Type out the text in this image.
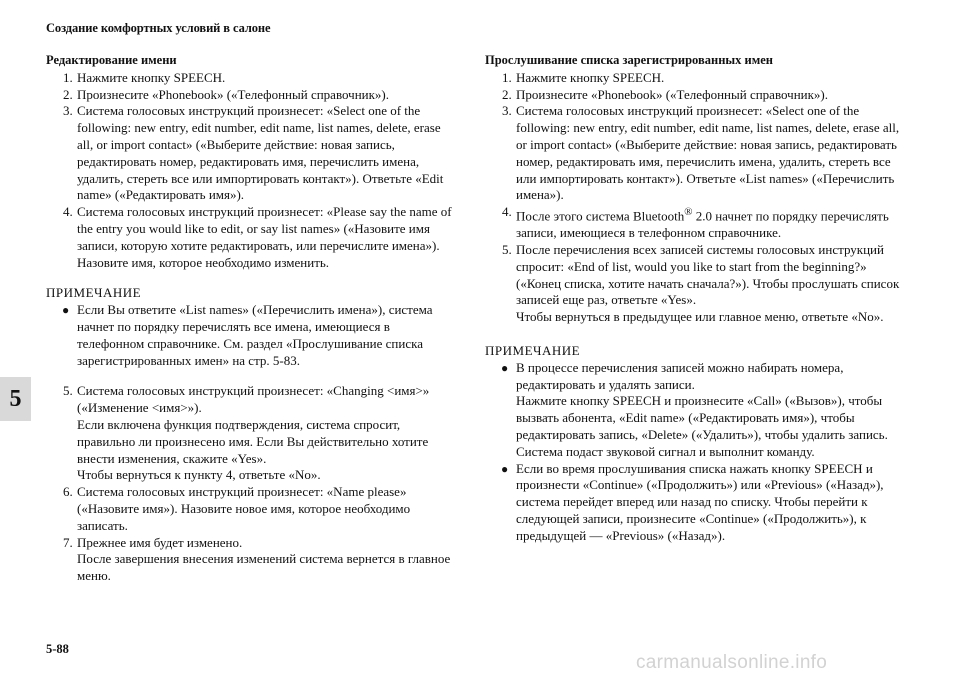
Создание комфортных условий в салоне
5
Редактирование имени
1. Нажмите кнопку SPEECH.
2. Произнесите «Phonebook» («Телефонный справочник»).
3. Система голосовых инструкций произнесет: «Select one of the following: new entry, edit number, edit name, list names, delete, erase all, or import contact» («Выберите действие: новая запись, редактировать номер, редактировать имя, перечислить имена, удалить, стереть все или импортировать контакт»). Ответьте «Edit name» («Редактировать имя»).
4. Система голосовых инструкций произнесет: «Please say the name of the entry you would like to edit, or say list names» («Назовите имя записи, которую хотите редактировать, или перечислите имена»). Назовите имя, которое необходимо изменить.
ПРИМЕЧАНИЕ
● Если Вы ответите «List names» («Перечислить имена»), система начнет по порядку перечислять все имена, имеющиеся в телефонном справочнике. См. раздел «Прослушивание списка зарегистрированных имен» на стр. 5-83.
5. Система голосовых инструкций произнесет: «Changing <имя>» («Изменение <имя>»).
Если включена функция подтверждения, система спросит, правильно ли произнесено имя. Если Вы действительно хотите внести изменения, скажите «Yes».
Чтобы вернуться к пункту 4, ответьте «No».
6. Система голосовых инструкций произнесет: «Name please» («Назовите имя»). Назовите новое имя, которое необходимо записать.
7. Прежнее имя будет изменено.
После завершения внесения изменений система вернется в главное меню.
Прослушивание списка зарегистрированных имен
1. Нажмите кнопку SPEECH.
2. Произнесите «Phonebook» («Телефонный справочник»).
3. Система голосовых инструкций произнесет: «Select one of the following: new entry, edit number, edit name, list names, delete, erase all, or import contact» («Выберите действие: новая запись, редактировать номер, редактировать имя, перечислить имена, удалить, стереть все или импортировать контакт»). Ответьте «List names» («Перечислить имена»).
4. После этого система Bluetooth® 2.0 начнет по порядку перечислять записи, имеющиеся в телефонном справочнике.
5. После перечисления всех записей системы голосовых инструкций спросит: «End of list, would you like to start from the beginning?» («Конец списка, хотите начать сначала?»). Чтобы прослушать список записей еще раз, ответьте «Yes».
Чтобы вернуться в предыдущее или главное меню, ответьте «No».
ПРИМЕЧАНИЕ
● В процессе перечисления записей можно набирать номера, редактировать и удалять записи.
Нажмите кнопку SPEECH и произнесите «Call» («Вызов»), чтобы вызвать абонента, «Edit name» («Редактировать имя»), чтобы редактировать запись, «Delete» («Удалить»), чтобы удалить запись.
Система подаст звуковой сигнал и выполнит команду.
● Если во время прослушивания списка нажать кнопку SPEECH и произнести «Continue» («Продолжить») или «Previous» («Назад»), система перейдет вперед или назад по списку. Чтобы перейти к следующей записи, произнесите «Continue» («Продолжить»), к предыдущей — «Previous» («Назад»).
5-88
carmanualsonline.info
